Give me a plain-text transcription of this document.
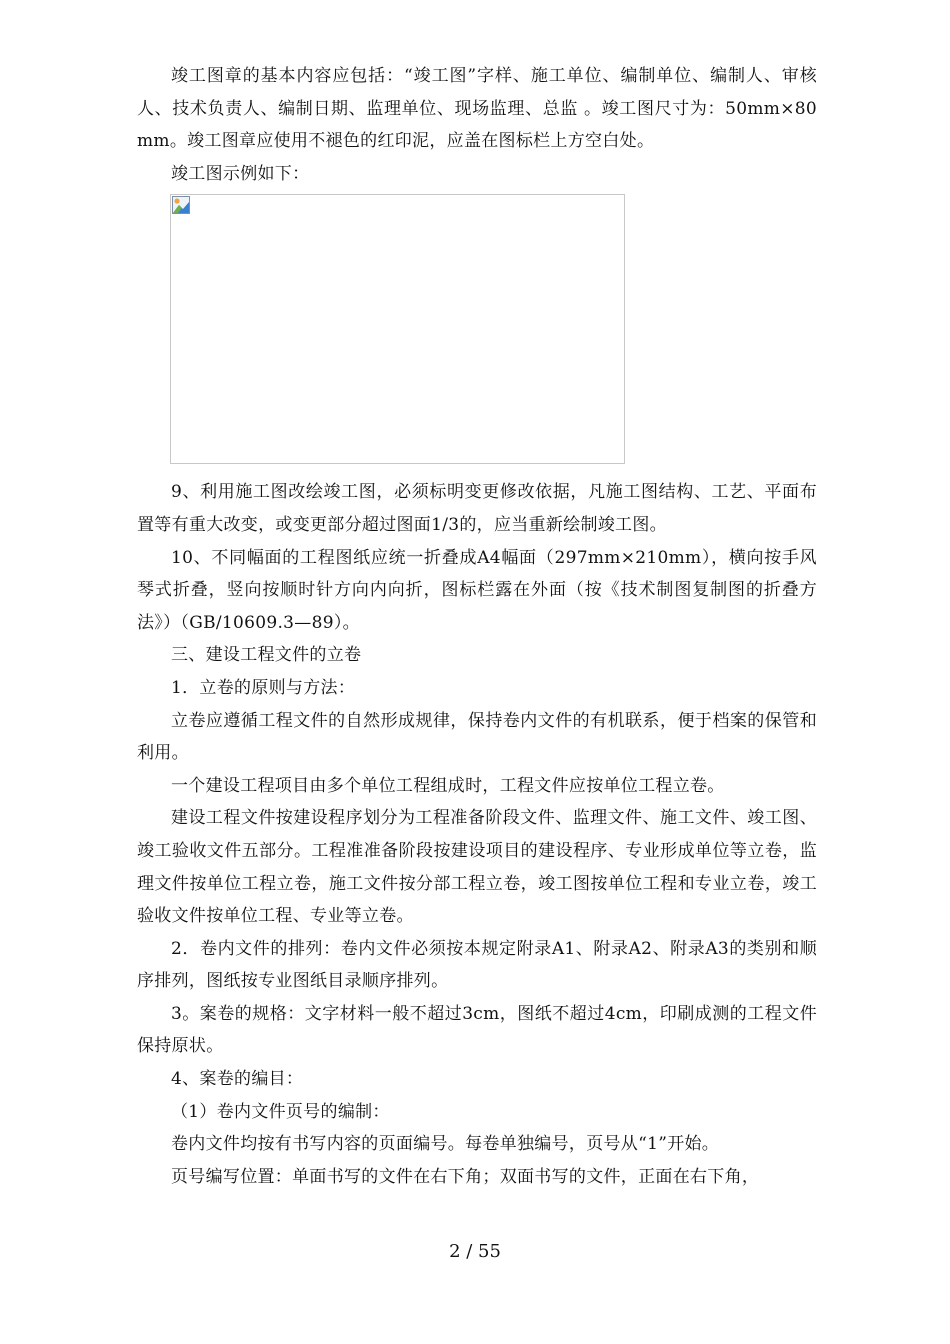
竣工图章的基本内容应包括：“竣工图”字样、施工单位、编制单位、编制人、审核人、技术负责人、编制日期、监理单位、现场监理、总监 。竣工图尺寸为：50mm×80mm。竣工图章应使用不褪色的红印泥，应盖在图标栏上方空白处。

竣工图示例如下：

9、利用施工图改绘竣工图，必须标明变更修改依据，凡施工图结构、工艺、平面布置等有重大改变，或变更部分超过图面1/3的，应当重新绘制竣工图。

10、不同幅面的工程图纸应统一折叠成A4幅面（297mm×210mm），横向按手风琴式折叠，竖向按顺时针方向内向折，图标栏露在外面（按《技术制图复制图的折叠方法》）（GB/10609.3—89）。

三、建设工程文件的立卷

1．立卷的原则与方法：

立卷应遵循工程文件的自然形成规律，保持卷内文件的有机联系，便于档案的保管和利用。

一个建设工程项目由多个单位工程组成时，工程文件应按单位工程立卷。

建设工程文件按建设程序划分为工程准备阶段文件、监理文件、施工文件、竣工图、竣工验收文件五部分。工程准准备阶段按建设项目的建设程序、专业形成单位等立卷，监理文件按单位工程立卷，施工文件按分部工程立卷，竣工图按单位工程和专业立卷，竣工验收文件按单位工程、专业等立卷。

2．卷内文件的排列：卷内文件必须按本规定附录A1、附录A2、附录A3的类别和顺序排列，图纸按专业图纸目录顺序排列。

3。案卷的规格：文字材料一般不超过3cm，图纸不超过4cm，印刷成测的工程文件保持原状。

4、案卷的编目：

（1）卷内文件页号的编制：

卷内文件均按有书写内容的页面编号。每卷单独编号，页号从“1”开始。

页号编写位置：单面书写的文件在右下角；双面书写的文件，正面在右下角，

2 / 55
